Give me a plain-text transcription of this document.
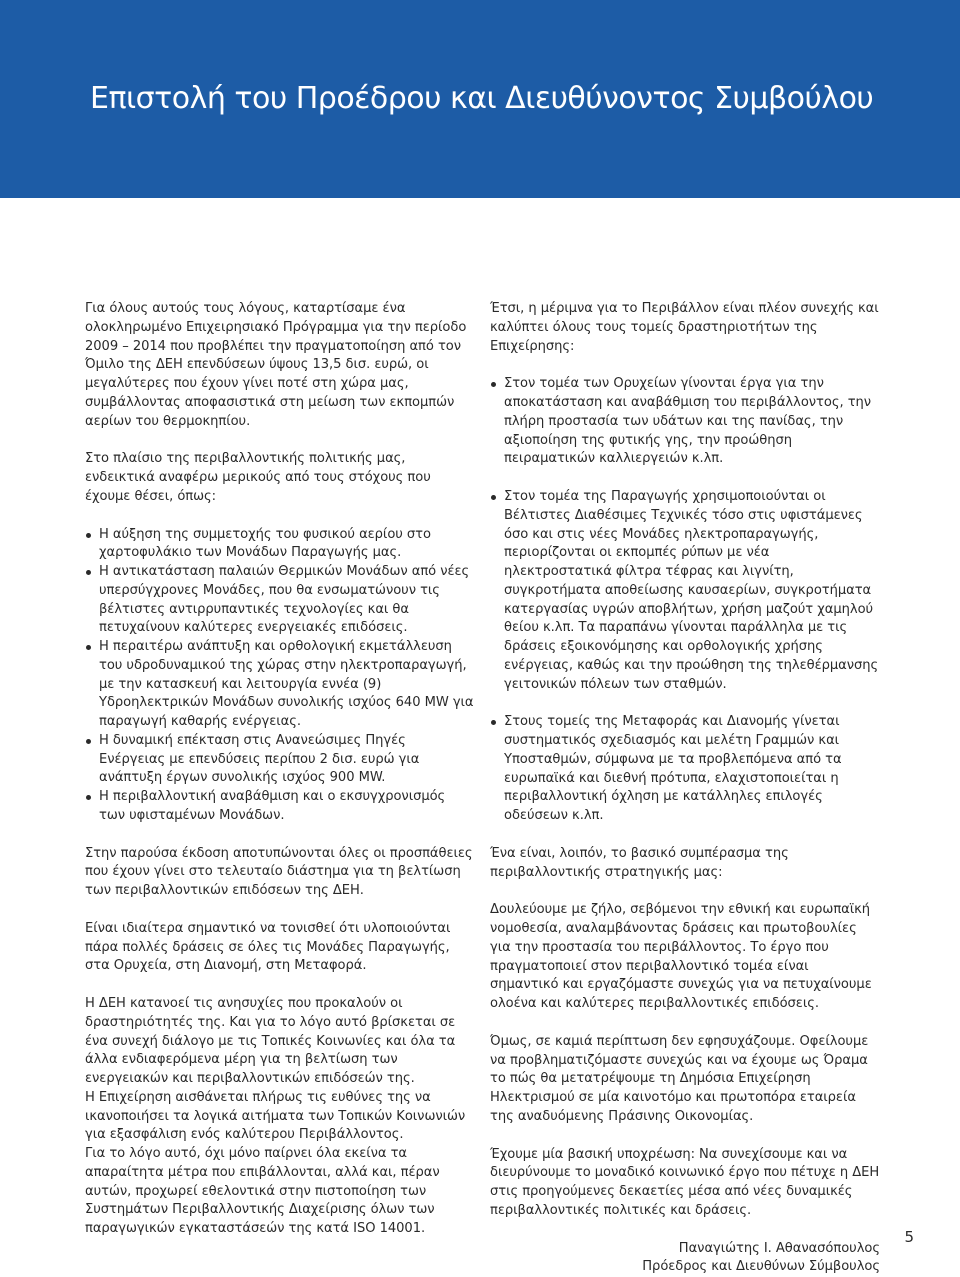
Επιστολή του Προέδρου και Διευθύνοντος Συμβούλου

Για όλους αυτούς τους λόγους, καταρτίσαμε ένα ολοκληρωμένο Επιχειρησιακό Πρόγραμμα για την περίοδο 2009 – 2014 που προβλέπει την πραγματοποίηση από τον Όμιλο της ΔΕΗ επενδύσεων ύψους 13,5 δισ. ευρώ, οι μεγαλύτερες που έχουν γίνει ποτέ στη χώρα μας, συμβάλλοντας αποφασιστικά στη μείωση των εκπομπών αερίων του θερμοκηπίου.

Στο πλαίσιο της περιβαλλοντικής πολιτικής μας, ενδεικτικά αναφέρω μερικούς από τους στόχους που έχουμε θέσει, όπως:

Η αύξηση της συμμετοχής του φυσικού αερίου στο χαρτοφυλάκιο των Μονάδων Παραγωγής μας.
Η αντικατάσταση παλαιών Θερμικών Μονάδων από νέες υπερσύγχρονες Μονάδες, που θα ενσωματώνουν τις βέλτιστες αντιρρυπαντικές τεχνολογίες και θα πετυχαίνουν καλύτερες ενεργειακές επιδόσεις.
Η περαιτέρω ανάπτυξη και ορθολογική εκμετάλλευση του υδροδυναμικού της χώρας στην ηλεκτροπαραγωγή, με την κατασκευή και λειτουργία εννέα (9) Υδροηλεκτρικών Μονάδων συνολικής ισχύος 640 MW για παραγωγή καθαρής ενέργειας.
Η δυναμική επέκταση στις Ανανεώσιμες Πηγές Ενέργειας με επενδύσεις περίπου 2 δισ. ευρώ για ανάπτυξη έργων συνολικής ισχύος 900 MW.
Η περιβαλλοντική αναβάθμιση και ο εκσυγχρονισμός των υφισταμένων Μονάδων.

Στην παρούσα έκδοση αποτυπώνονται όλες οι προσπάθειες που έχουν γίνει στο τελευταίο διάστημα για τη βελτίωση των περιβαλλοντικών επιδόσεων της ΔΕΗ.

Είναι ιδιαίτερα σημαντικό να τονισθεί ότι υλοποιούνται πάρα πολλές δράσεις σε όλες τις Μονάδες Παραγωγής, στα Ορυχεία, στη Διανομή, στη Μεταφορά.

Η ΔΕΗ κατανοεί τις ανησυχίες που προκαλούν οι δραστηριότητές της. Και για το λόγο αυτό βρίσκεται σε ένα συνεχή διάλογο με τις Τοπικές Κοινωνίες και όλα τα άλλα ενδιαφερόμενα μέρη για τη βελτίωση των ενεργειακών και περιβαλλοντικών επιδόσεών της.

Η Επιχείρηση αισθάνεται πλήρως τις ευθύνες της να ικανοποιήσει τα λογικά αιτήματα των Τοπικών Κοινωνιών για εξασφάλιση ενός καλύτερου Περιβάλλοντος.

Για το λόγο αυτό, όχι μόνο παίρνει όλα εκείνα τα απαραίτητα μέτρα που επιβάλλονται, αλλά και, πέραν αυτών, προχωρεί εθελοντικά στην πιστοποίηση των Συστημάτων Περιβαλλοντικής Διαχείρισης όλων των παραγωγικών εγκαταστάσεών της κατά ISO 14001.

Έτσι, η μέριμνα για το Περιβάλλον είναι πλέον συνεχής και καλύπτει όλους τους τομείς δραστηριοτήτων της Επιχείρησης:

Στον τομέα των Ορυχείων γίνονται έργα για την αποκατάσταση και αναβάθμιση του περιβάλλοντος, την πλήρη προστασία των υδάτων και της πανίδας, την αξιοποίηση της φυτικής γης, την προώθηση πειραματικών καλλιεργειών κ.λπ.
Στον τομέα της Παραγωγής χρησιμοποιούνται οι Βέλτιστες Διαθέσιμες Τεχνικές τόσο στις υφιστάμενες όσο και στις νέες Μονάδες ηλεκτροπαραγωγής, περιορίζονται οι εκπομπές ρύπων με νέα ηλεκτροστατικά φίλτρα τέφρας και λιγνίτη, συγκροτήματα αποθείωσης καυσαερίων, συγκροτήματα κατεργασίας υγρών αποβλήτων, χρήση μαζούτ χαμηλού θείου κ.λπ. Τα παραπάνω γίνονται παράλληλα με τις δράσεις εξοικονόμησης και ορθολογικής χρήσης ενέργειας, καθώς και την προώθηση της τηλεθέρμανσης γειτονικών πόλεων των σταθμών.
Στους τομείς της Μεταφοράς και Διανομής γίνεται συστηματικός σχεδιασμός και μελέτη Γραμμών και Υποσταθμών, σύμφωνα με τα προβλεπόμενα από τα ευρωπαϊκά και διεθνή πρότυπα, ελαχιστοποιείται η περιβαλλοντική όχληση με κατάλληλες επιλογές οδεύσεων κ.λπ.

Ένα είναι, λοιπόν, το βασικό συμπέρασμα της περιβαλλοντικής στρατηγικής μας:

Δουλεύουμε με ζήλο, σεβόμενοι την εθνική και ευρωπαϊκή νομοθεσία, αναλαμβάνοντας δράσεις και πρωτοβουλίες για την προστασία του περιβάλλοντος. Το έργο που πραγματοποιεί στον περιβαλλοντικό τομέα είναι σημαντικό και εργαζόμαστε συνεχώς για να πετυχαίνουμε ολοένα και καλύτερες περιβαλλοντικές επιδόσεις.

Όμως, σε καμιά περίπτωση δεν εφησυχάζουμε. Οφείλουμε να προβληματιζόμαστε συνεχώς και να έχουμε ως Όραμα το πώς θα μετατρέψουμε τη Δημόσια Επιχείρηση Ηλεκτρισμού σε μία καινοτόμο και πρωτοπόρα εταιρεία της αναδυόμενης Πράσινης Οικονομίας.

Έχουμε μία βασική υποχρέωση: Να συνεχίσουμε και να διευρύνουμε το μοναδικό κοινωνικό έργο που πέτυχε η ΔΕΗ στις προηγούμενες δεκαετίες μέσα από νέες δυναμικές περιβαλλοντικές πολιτικές και δράσεις.

Παναγιώτης Ι. Αθανασόπουλος
Πρόεδρος και Διευθύνων Σύμβουλος
5
